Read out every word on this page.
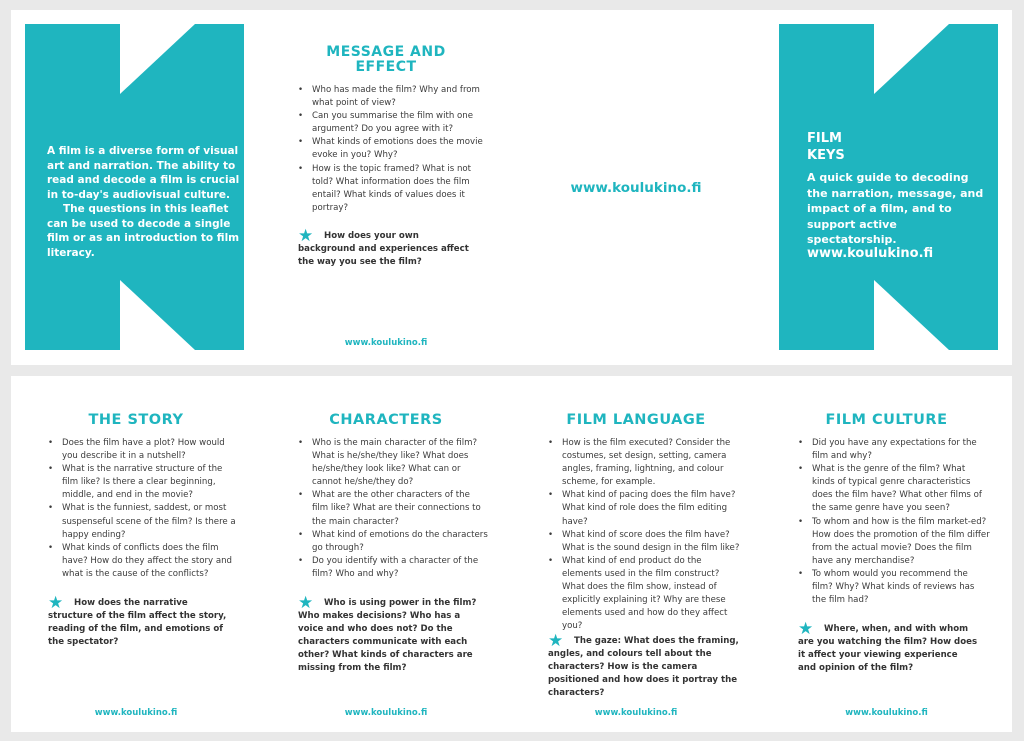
A film is a diverse form of visual art and narration. The ability to read and decode a film is crucial in to-day's audiovisual culture.

The questions in this leaflet can be used to decode a single film or as an introduction to film literacy.

MESSAGE AND EFFECT
• Who has made the film? Why and from what point of view?
• Can you summarise the film with one argument? Do you agree with it?
• What kinds of emotions does the movie evoke in you? Why?
• How is the topic framed? What is not told? What information does the film entail? What kinds of values does it portray?
★	How does your own background and experiences affect the way you see the film?
www.koulukino.fi
www.koulukino.fi
FILM
KEYS
A quick guide to decoding the narration, message, and impact of a film, and to support active spectatorship.
www.koulukino.fi
THE STORY
• Does the film have a plot? How would you describe it in a nutshell?
• What is the narrative structure of the film like? Is there a clear beginning, middle, and end in the movie?
• What is the funniest, saddest, or most suspenseful scene of the film? Is there a happy ending?
• What kinds of conflicts does the film have? How do they affect the story and what is the cause of the conflicts?
★	How does the narrative structure of the film affect the story, reading of the film, and emotions of the spectator?
www.koulukino.fi
CHARACTERS
• Who is the main character of the film? What is he/she/they like? What does he/she/they look like? What can or cannot he/she/they do?
• What are the other characters of the film like? What are their connections to the main character?
• What kind of emotions do the characters go through?
• Do you identify with a character of the film? Who and why?
★	Who is using power in the film? Who makes decisions? Who has a voice and who does not? Do the characters communicate with each other? What kinds of characters are missing from the film?
www.koulukino.fi
FILM LANGUAGE
• How is the film executed? Consider the costumes, set design, setting, camera angles, framing, lightning, and colour scheme, for example.
• What kind of pacing does the film have? What kind of role does the film editing have?
• What kind of score does the film have? What is the sound design in the film like?
• What kind of end product do the elements used in the film construct? What does the film show, instead of explicitly explaining it? Why are these elements used and how do they affect you?
★	The gaze: What does the framing, angles, and colours tell about the characters? How is the camera positioned and how does it portray the characters?
www.koulukino.fi
FILM CULTURE
• Did you have any expectations for the film and why?
• What is the genre of the film? What kinds of typical genre characteristics does the film have? What other films of the same genre have you seen?
• To whom and how is the film market-ed? How does the promotion of the film differ from the actual movie? Does the film have any merchandise?
• To whom would you recommend the film? Why? What kinds of reviews has the film had?
★	Where, when, and with whom are you watching the film? How does it affect your viewing experience and opinion of the film?
www.koulukino.fi
